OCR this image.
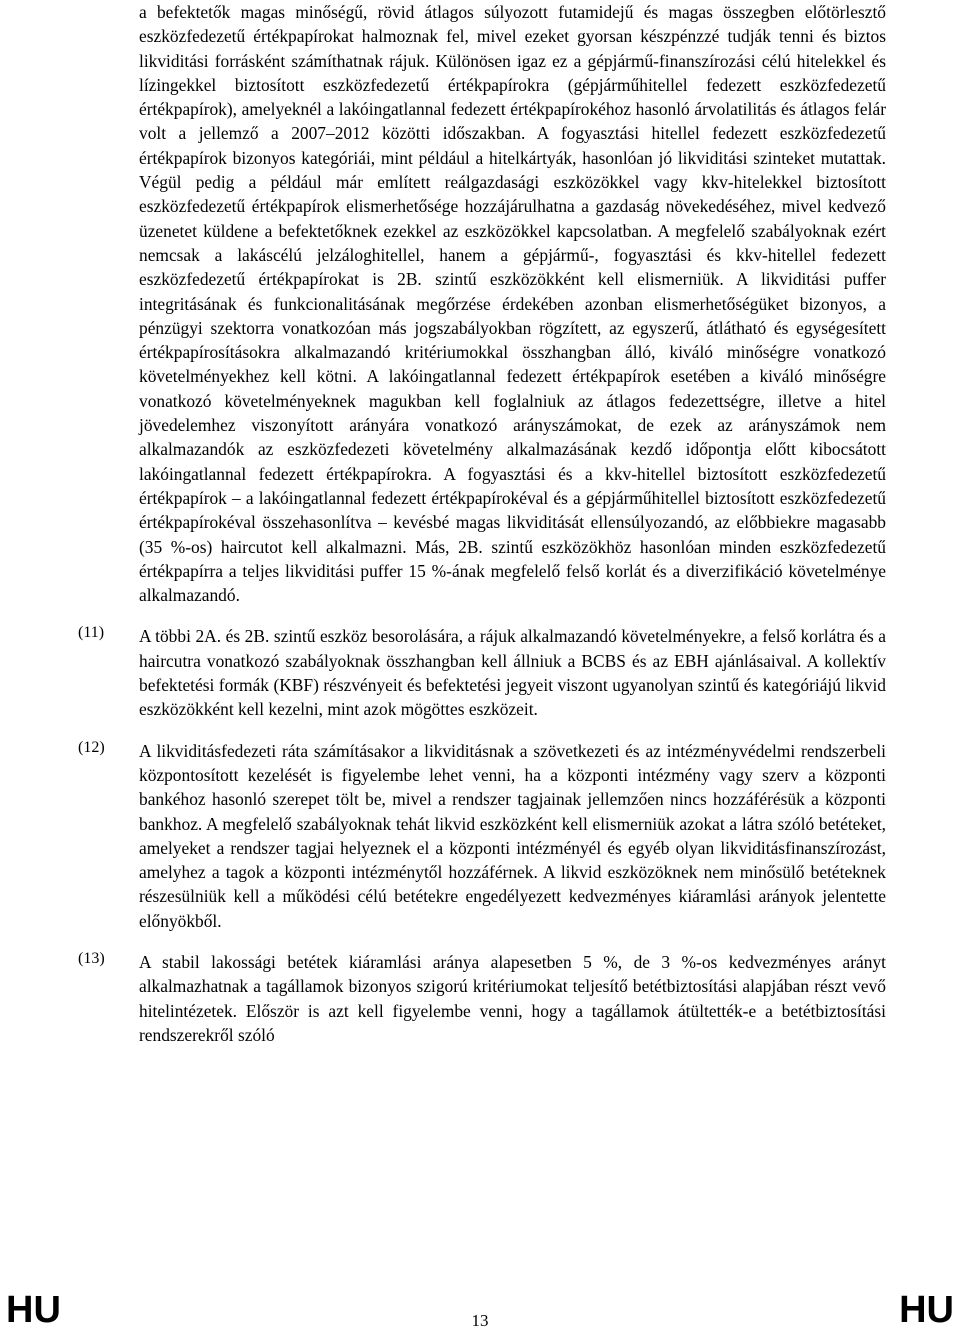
a befektetők magas minőségű, rövid átlagos súlyozott futamidejű és magas összegben előtörlesztő eszközfedezetű értékpapírokat halmoznak fel, mivel ezeket gyorsan készpénzzé tudják tenni és biztos likviditási forrásként számíthatnak rájuk. Különösen igaz ez a gépjármű-finanszírozási célú hitelekkel és lízingekkel biztosított eszközfedezetű értékpapírokra (gépjárműhitellel fedezett eszközfedezetű értékpapírok), amelyeknél a lakóingatlannal fedezett értékpapírokéhoz hasonló árvolatilitás és átlagos felár volt a jellemző a 2007–2012 közötti időszakban. A fogyasztási hitellel fedezett eszközfedezetű értékpapírok bizonyos kategóriái, mint például a hitelkártyák, hasonlóan jó likviditási szinteket mutattak. Végül pedig a például már említett reálgazdasági eszközökkel vagy kkv-hitelekkel biztosított eszközfedezetű értékpapírok elismerhetősége hozzájárulhatna a gazdaság növekedéséhez, mivel kedvező üzenetet küldene a befektetőknek ezekkel az eszközökkel kapcsolatban. A megfelelő szabályoknak ezért nemcsak a lakáscélú jelzáloghitellel, hanem a gépjármű-, fogyasztási és kkv-hitellel fedezett eszközfedezetű értékpapírokat is 2B. szintű eszközökként kell elismerniük. A likviditási puffer integritásának és funkcionalitásának megőrzése érdekében azonban elismerhetőségüket bizonyos, a pénzügyi szektorra vonatkozóan más jogszabályokban rögzített, az egyszerű, átlátható és egységesített értékpapírosításokra alkalmazandó kritériumokkal összhangban álló, kiváló minőségre vonatkozó követelményekhez kell kötni. A lakóingatlannal fedezett értékpapírok esetében a kiváló minőségre vonatkozó követelményeknek magukban kell foglalniuk az átlagos fedezettségre, illetve a hitel jövedelemhez viszonyított arányára vonatkozó arányszámokat, de ezek az arányszámok nem alkalmazandók az eszközfedezeti követelmény alkalmazásának kezdő időpontja előtt kibocsátott lakóingatlannal fedezett értékpapírokra. A fogyasztási és a kkv-hitellel biztosított eszközfedezetű értékpapírok – a lakóingatlannal fedezett értékpapírokéval és a gépjárműhitellel biztosított eszközfedezetű értékpapírokéval összehasonlítva – kevésbé magas likviditását ellensúlyozandó, az előbbiekre magasabb (35 %-os) haircutot kell alkalmazni. Más, 2B. szintű eszközökhöz hasonlóan minden eszközfedezetű értékpapírra a teljes likviditási puffer 15 %-ának megfelelő felső korlát és a diverzifikáció követelménye alkalmazandó.

(11) A többi 2A. és 2B. szintű eszköz besorolására, a rájuk alkalmazandó követelményekre, a felső korlátra és a haircutra vonatkozó szabályoknak összhangban kell állniuk a BCBS és az EBH ajánlásaival. A kollektív befektetési formák (KBF) részvényeit és befektetési jegyeit viszont ugyanolyan szintű és kategóriájú likvid eszközökként kell kezelni, mint azok mögöttes eszközeit.

(12) A likviditásfedezeti ráta számításakor a likviditásnak a szövetkezeti és az intézményvédelmi rendszerbeli központosított kezelését is figyelembe lehet venni, ha a központi intézmény vagy szerv a központi bankéhoz hasonló szerepet tölt be, mivel a rendszer tagjainak jellemzően nincs hozzáférésük a központi bankhoz. A megfelelő szabályoknak tehát likvid eszközként kell elismerniük azokat a látra szóló betéteket, amelyeket a rendszer tagjai helyeznek el a központi intézményél és egyéb olyan likviditásfinanszírozást, amelyhez a tagok a központi intézménytől hozzáférnek. A likvid eszközöknek nem minősülő betéteknek részesülniük kell a működési célú betétekre engedélyezett kedvezményes kiáramlási arányok jelentette előnyökből.

(13) A stabil lakossági betétek kiáramlási aránya alapesetben 5 %, de 3 %-os kedvezményes arányt alkalmazhatnak a tagállamok bizonyos szigorú kritériumokat teljesítő betétbiztosítási alapjában részt vevő hitelintézetek. Először is azt kell figyelembe venni, hogy a tagállamok átültették-e a betétbiztosítási rendszerekről szóló

HU	13	HU
